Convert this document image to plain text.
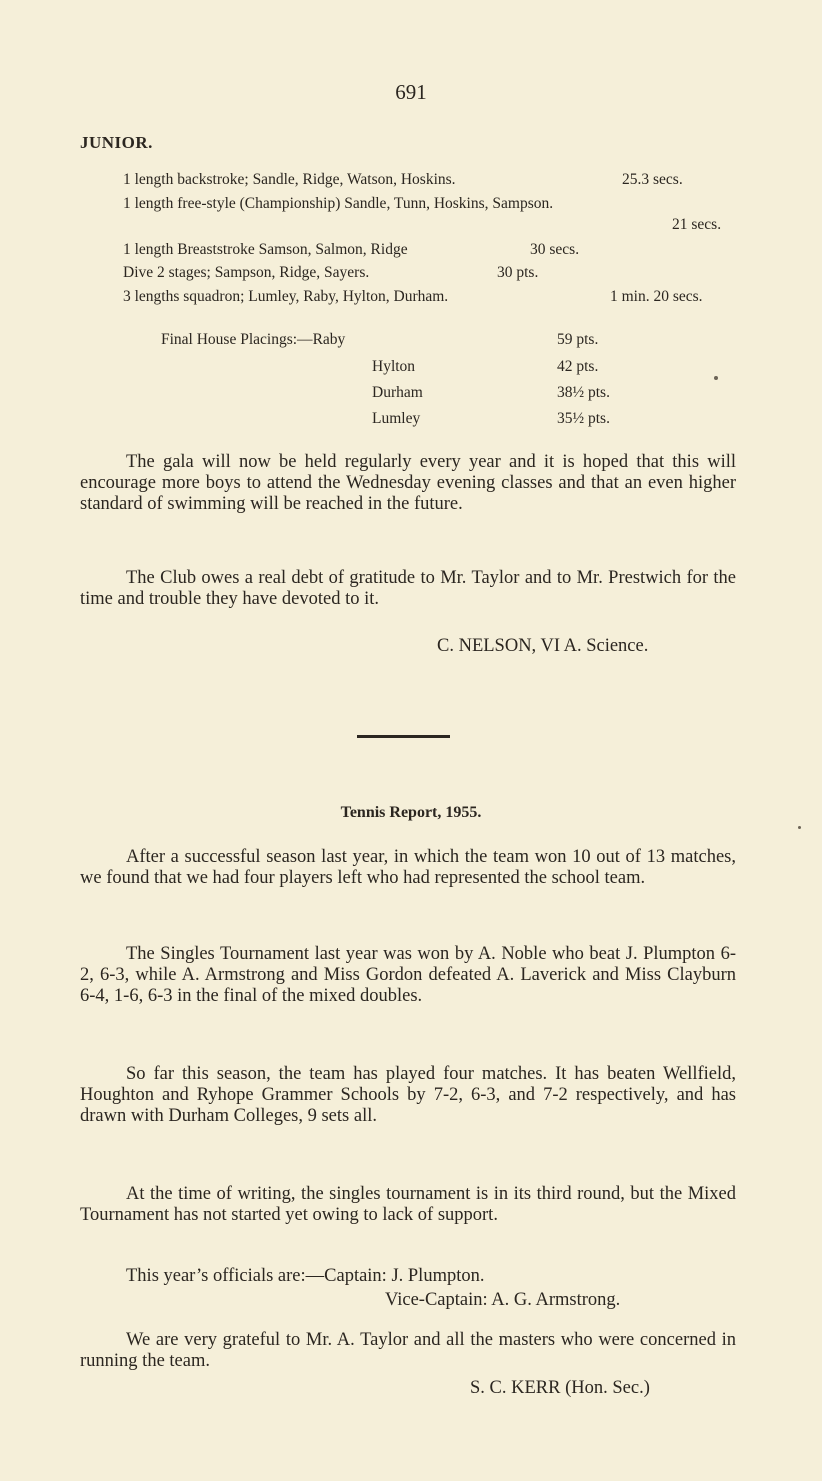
691
JUNIOR.
1 length backstroke; Sandle, Ridge, Watson, Hoskins.	25.3 secs.
1 length free-style (Championship) Sandle, Tunn, Hoskins, Sampson.
21 secs.
1 length Breaststroke Samson, Salmon, Ridge	30 secs.
Dive 2 stages; Sampson, Ridge, Sayers.	30 pts.
3 lengths squadron; Lumley, Raby, Hylton, Durham.	1 min. 20 secs.
Final House Placings:—Raby	59 pts.
Hylton	42 pts.
Durham	38½ pts.
Lumley	35½ pts.
The gala will now be held regularly every year and it is hoped that this will encourage more boys to attend the Wednesday evening classes and that an even higher standard of swimming will be reached in the future.
The Club owes a real debt of gratitude to Mr. Taylor and to Mr. Prestwich for the time and trouble they have devoted to it.
C. NELSON, VI A. Science.
Tennis Report, 1955.
After a successful season last year, in which the team won 10 out of 13 matches, we found that we had four players left who had represented the school team.
The Singles Tournament last year was won by A. Noble who beat J. Plumpton 6-2, 6-3, while A. Armstrong and Miss Gordon defeated A. Laverick and Miss Clayburn 6-4, 1-6, 6-3 in the final of the mixed doubles.
So far this season, the team has played four matches. It has beaten Wellfield, Houghton and Ryhope Grammer Schools by 7-2, 6-3, and 7-2 respectively, and has drawn with Durham Colleges, 9 sets all.
At the time of writing, the singles tournament is in its third round, but the Mixed Tournament has not started yet owing to lack of support.
This year’s officials are:—Captain: J. Plumpton.
Vice-Captain: A. G. Armstrong.
We are very grateful to Mr. A. Taylor and all the masters who were concerned in running the team.
S. C. KERR (Hon. Sec.)
